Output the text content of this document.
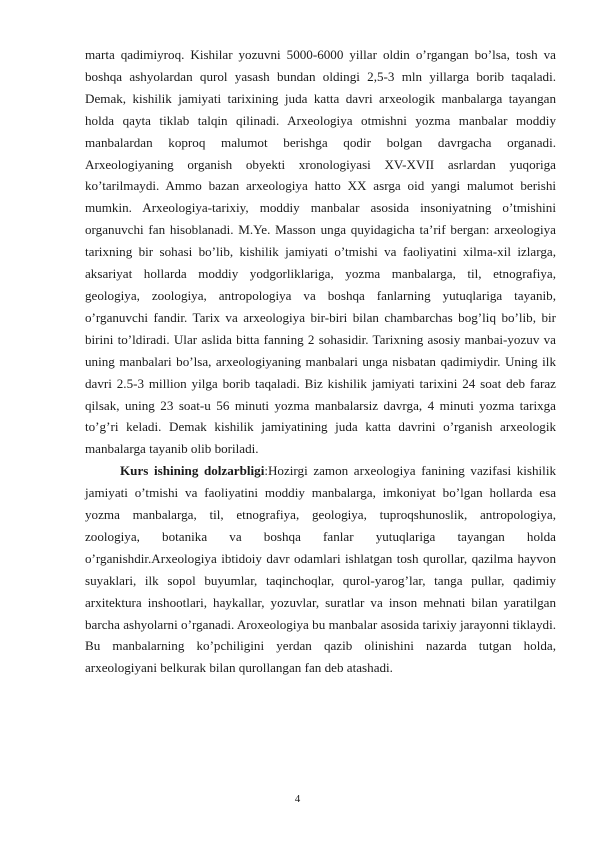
marta qadimiyroq. Kishilar yozuvni 5000-6000 yillar oldin o’rgangan bo’lsa, tosh va boshqa ashyolardan qurol yasash bundan oldingi 2,5-3 mln yillarga borib taqaladi. Demak, kishilik jamiyati tarixining juda katta davri arxeologik manbalarga tayangan holda qayta tiklab talqin qilinadi. Arxeologiya otmishni yozma manbalar moddiy manbalardan koproq malumot berishga qodir bolgan davrgacha organadi. Arxeologiyaning organish obyekti xronologiyasi XV-XVII asrlardan yuqoriga ko’tarilmaydi. Ammo bazan arxeologiya hatto XX asrga oid yangi malumot berishi mumkin. Arxeologiya-tarixiy, moddiy manbalar asosida insoniyatning o’tmishini organuvchi fan hisoblanadi. M.Ye. Masson unga quyidagicha ta’rif bergan: arxeologiya tarixning bir sohasi bo’lib, kishilik jamiyati o’tmishi va faoliyatini xilma-xil izlarga, aksariyat hollarda moddiy yodgorliklariga, yozma manbalarga, til, etnografiya, geologiya, zoologiya, antropologiya va boshqa fanlarning yutuqlariga tayanib, o’rganuvchi fandir. Tarix va arxeologiya bir-biri bilan chambarchas bog’liq bo’lib, bir birini to’ldiradi. Ular aslida bitta fanning 2 sohasidir. Tarixning asosiy manbai-yozuv va uning manbalari bo’lsa, arxeologiyaning manbalari unga nisbatan qadimiydir. Uning ilk davri 2.5-3 million yilga borib taqaladi. Biz kishilik jamiyati tarixini 24 soat deb faraz qilsak, uning 23 soat-u 56 minuti yozma manbalarsiz davrga, 4 minuti yozma tarixga to’g’ri keladi. Demak kishilik jamiyatining juda katta davrini o’rganish arxeologik manbalarga tayanib olib boriladi.

Kurs ishining dolzarbligi:Hozirgi zamon arxeologiya fanining vazifasi kishilik jamiyati o’tmishi va faoliyatini moddiy manbalarga, imkoniyat bo’lgan hollarda esa yozma manbalarga, til, etnografiya, geologiya, tuproqshunoslik, antropologiya, zoologiya, botanika va boshqa fanlar yutuqlariga tayangan holda o’rganishdir.Arxeologiya ibtidoiy davr odamlari ishlatgan tosh qurollar, qazilma hayvon suyaklari, ilk sopol buyumlar, taqinchoqlar, qurol-yarog’lar, tanga pullar, qadimiy arxitektura inshootlari, haykallar, yozuvlar, suratlar va inson mehnati bilan yaratilgan barcha ashyolarni o’rganadi. Aroxeologiya bu manbalar asosida tarixiy jarayonni tiklaydi. Bu manbalarning ko’pchiligini yerdan qazib olinishini nazarda tutgan holda, arxeologiyani belkurak bilan qurollangan fan deb atashadi.

4
